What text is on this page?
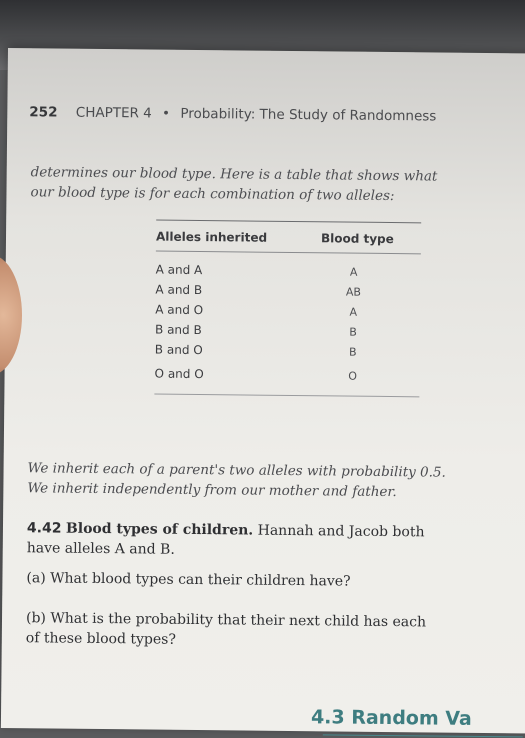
252 CHAPTER 4 • Probability: The Study of Randomness
determines our blood type. Here is a table that shows what
our blood type is for each combination of two alleles:
Alleles inherited	Blood type
A and A	A
A and B	AB
A and O	A
B and B	B
B and O	B
O and O	O
We inherit each of a parent's two alleles with probability 0.5.
We inherit independently from our mother and father.
4.42 Blood types of children. Hannah and Jacob both
have alleles A and B.
(a) What blood types can their children have?
(b) What is the probability that their next child has each
of these blood types?
4.3 Random Va
